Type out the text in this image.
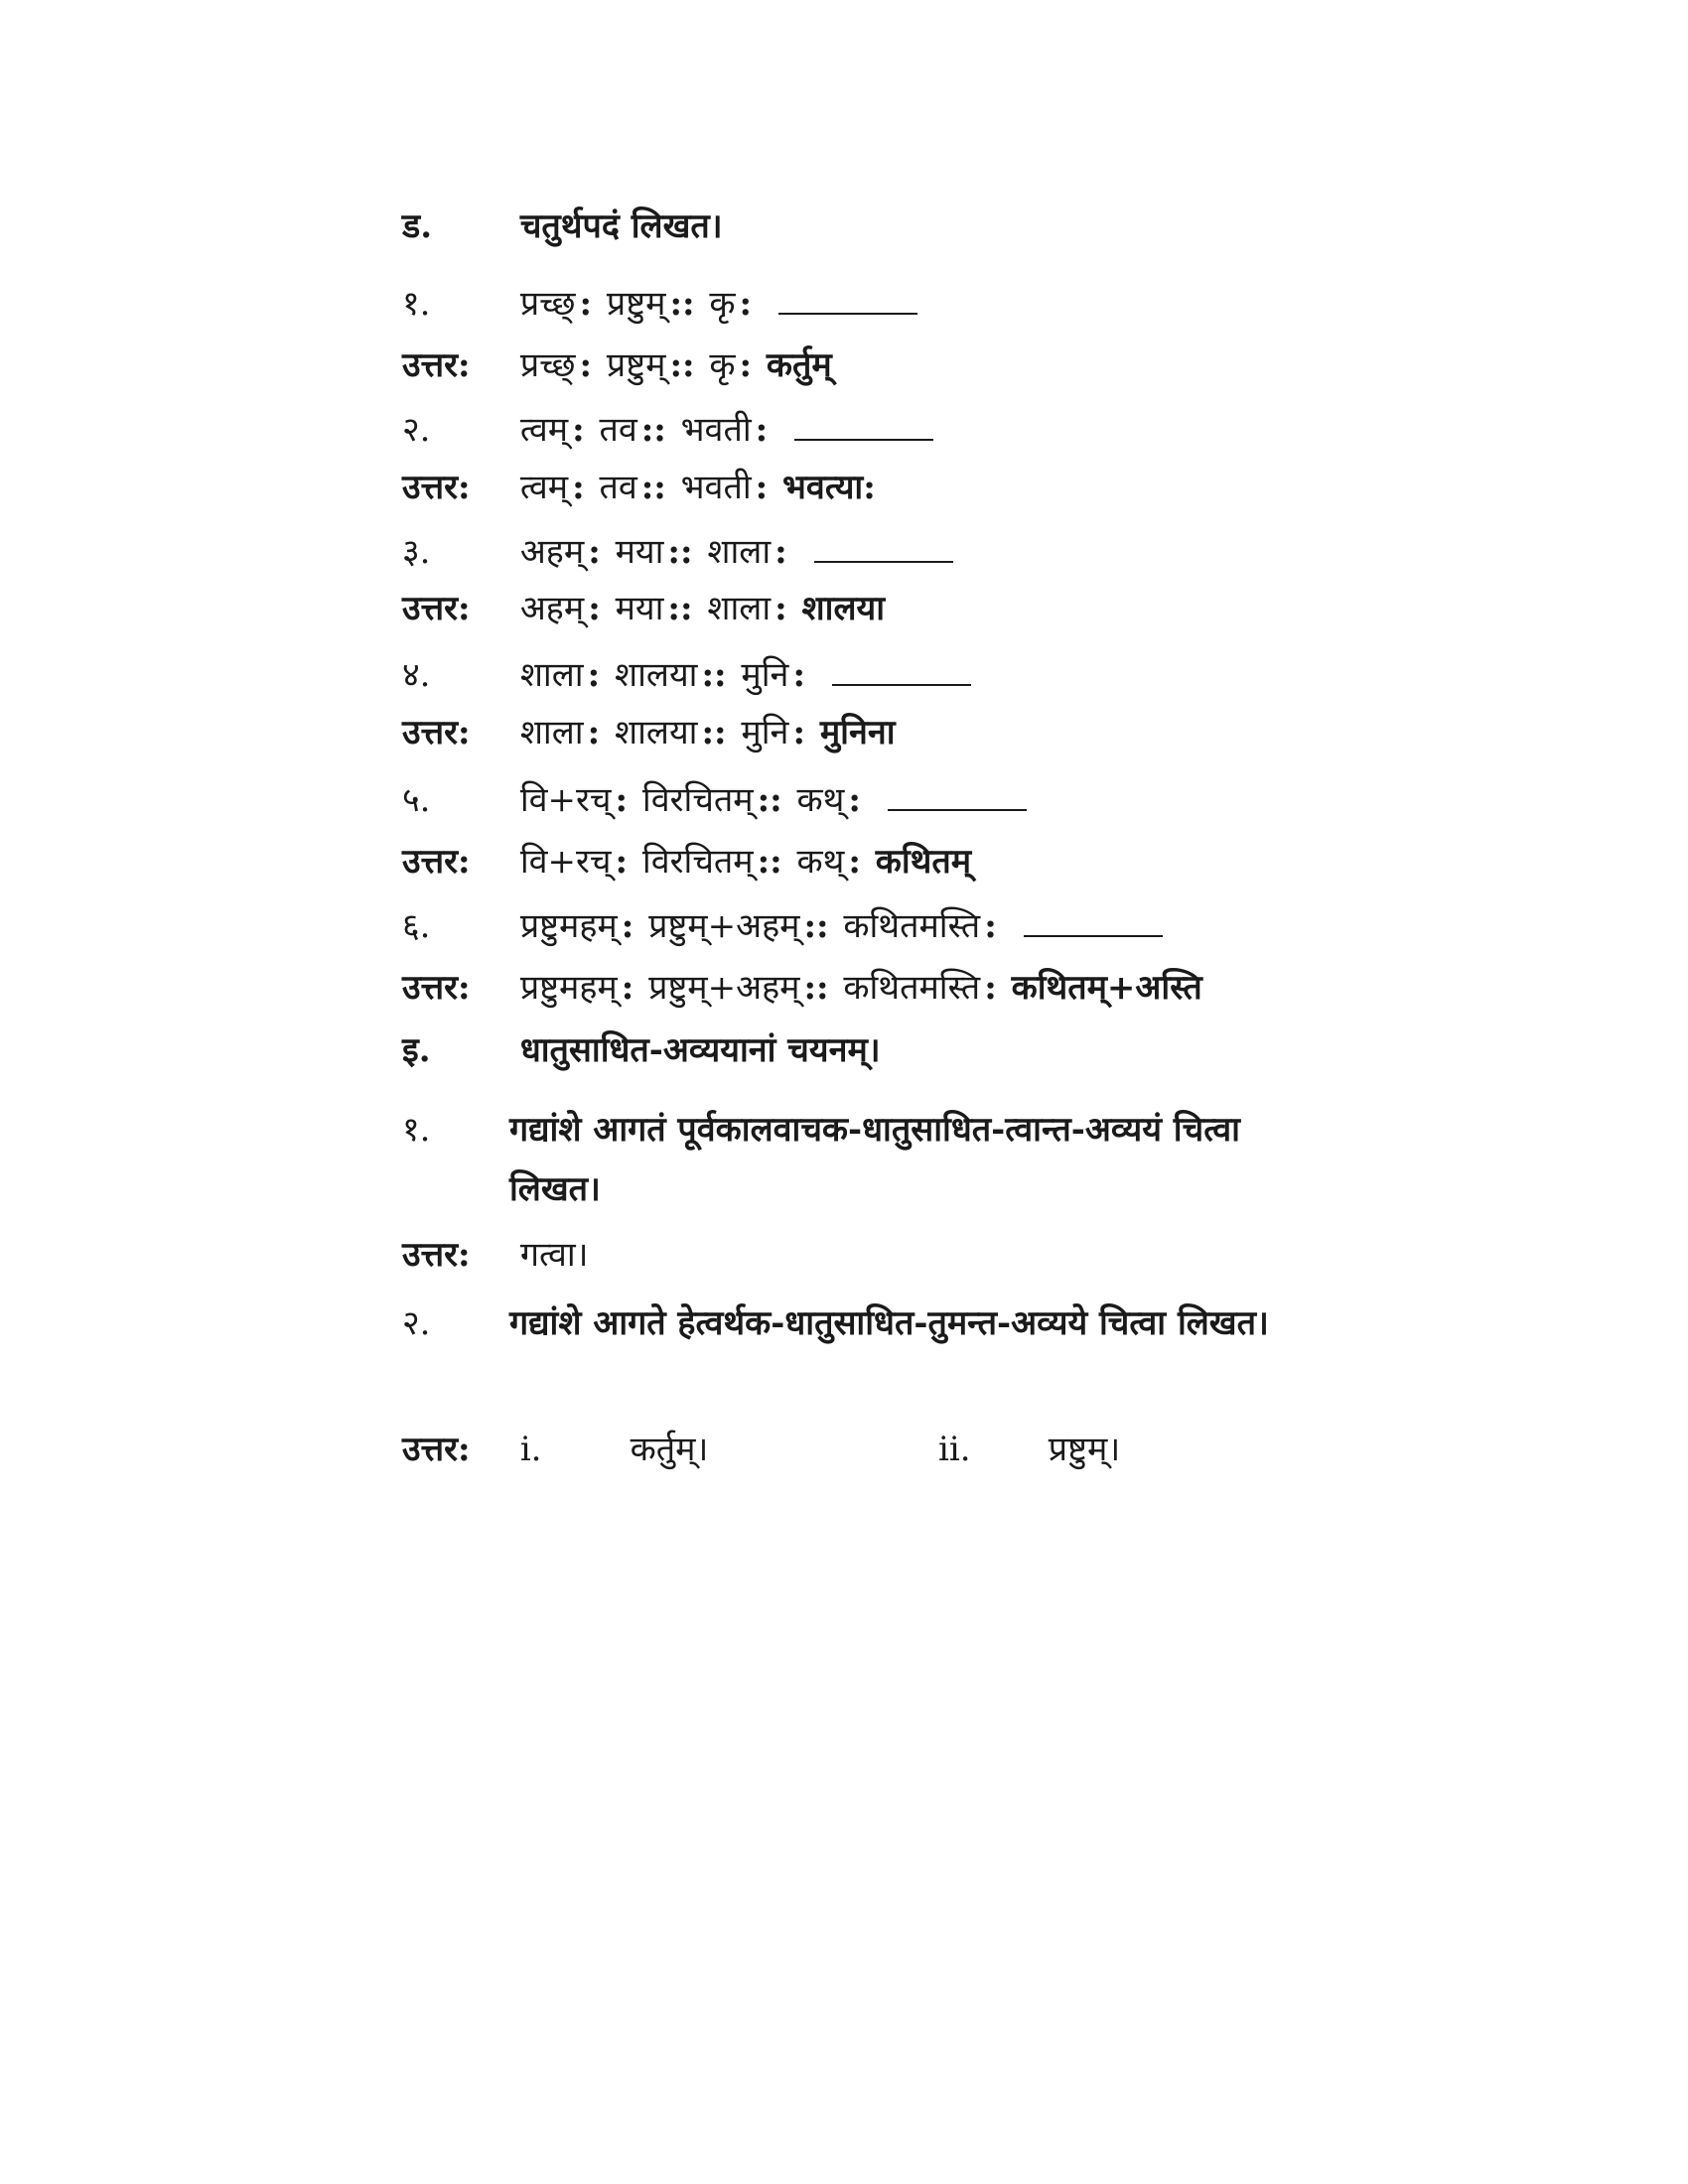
ड.	चतुर्थपदं लिखत।
१.	प्रच्छ् : प्रष्टुम् :: कृ :
उत्तर: प्रच्छ् : प्रष्टुम् :: कृ : कर्तुम्
२.	त्वम् : तव :: भवती :
उत्तर: त्वम् : तव :: भवती : भवत्या:
३.	अहम् : मया :: शाला :
उत्तर: अहम् : मया :: शाला : शालया
४.	शाला : शालया :: मुनि :
उत्तर: शाला : शालया :: मुनि : मुनिना
५.	वि+रच् : विरचितम् :: कथ् :
उत्तर: वि+रच् : विरचितम् :: कथ् : कथितम्
६.	प्रष्टुमहम् : प्रष्टुम्+अहम् :: कथितमस्ति :
उत्तर: प्रष्टुमहम् : प्रष्टुम्+अहम् :: कथितमस्ति : कथितम्+अस्ति
इ.	धातुसाधित-अव्ययानां चयनम्।
१.	गद्यांशे आगतं पूर्वकालवाचक-धातुसाधित-त्वान्त-अव्ययं चित्वा लिखत।
उत्तर: गत्वा।
२.	गद्यांशे आगते हेत्वर्थक-धातुसाधित-तुमन्त-अव्यये चित्वा लिखत।
उत्तर: i.	कर्तुम्।	ii. प्रष्टुम्।
